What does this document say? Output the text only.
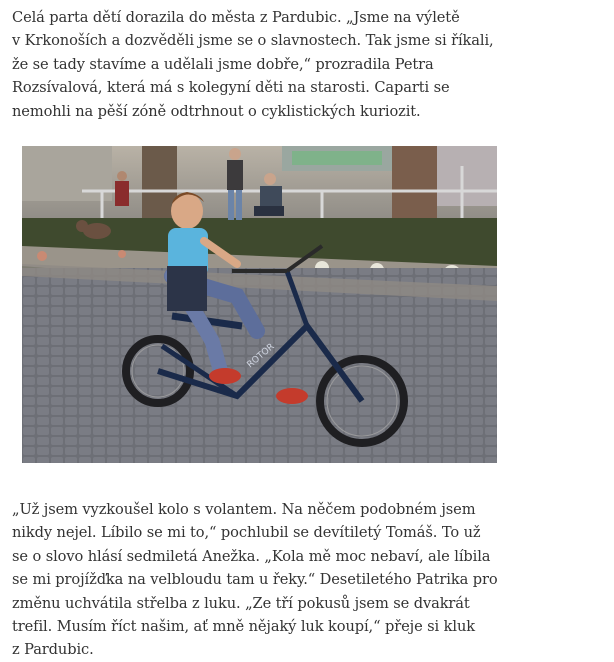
Celá parta dětí dorazila do města z Pardubic. „Jsme na výletě
v Krkonoších a dozvěděli jsme se o slavnostech. Tak jsme si říkali,
že se tady stavíme a udělali jsme dobře,“ prozradila Petra
Rozsívalová, která má s kolegyní děti na starosti. Caparti se
nemohli na pěší zóně odtrhnout o cyklistických kuriozit.

ROTOR

„Už jsem vyzkoušel kolo s volantem. Na něčem podobném jsem
nikdy nejel. Líbilo se mi to,“ pochlubil se devítiletý Tomáš. To už
se o slovo hlásí sedmiletá Anežka. „Kola mě moc nebaví, ale líbila
se mi projížďka na velbloudu tam u řeky.“ Desetiletého Patrika pro
změnu uchvátila střelba z luku. „Ze tří pokusů jsem se dvakrát
trefil. Musím říct našim, ať mně nějaký luk koupí,“ přeje si kluk
z Pardubic.
